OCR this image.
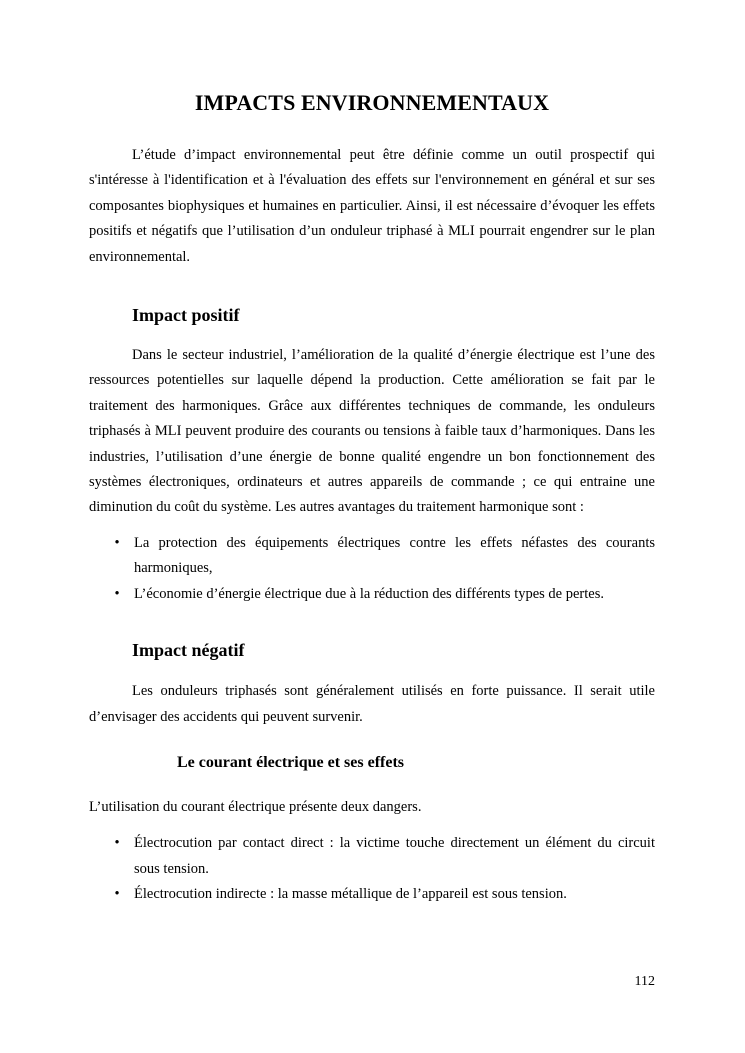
IMPACTS ENVIRONNEMENTAUX

L’étude d’impact environnemental peut être définie comme un outil prospectif qui s'intéresse à l'identification et à l'évaluation des effets sur l'environnement en général et sur ses composantes biophysiques et humaines en particulier. Ainsi, il est nécessaire d’évoquer les effets positifs et négatifs que l’utilisation d’un onduleur triphasé à MLI pourrait engendrer sur le plan environnemental.

Impact positif

Dans le secteur industriel, l’amélioration de la qualité d’énergie électrique est l’une des ressources potentielles sur laquelle dépend la production. Cette amélioration se fait par le traitement des harmoniques. Grâce aux différentes techniques de commande, les onduleurs triphasés à MLI peuvent produire des courants ou tensions à faible taux d’harmoniques. Dans les industries, l’utilisation d’une énergie de bonne qualité engendre un bon fonctionnement des systèmes électroniques, ordinateurs et autres appareils de commande ; ce qui entraine une diminution du coût du système. Les autres avantages du traitement harmonique sont :

• La protection des équipements électriques contre les effets néfastes des courants harmoniques,
• L’économie d’énergie électrique due à la réduction des différents types de pertes.
Impact négatif

Les onduleurs triphasés sont généralement utilisés en forte puissance. Il serait utile d’envisager des accidents qui peuvent survenir.

Le courant électrique et ses effets

L’utilisation du courant électrique présente deux dangers.

• Électrocution par contact direct : la victime touche directement un élément du circuit sous tension.
• Électrocution indirecte : la masse métallique de l’appareil est sous tension.
112
